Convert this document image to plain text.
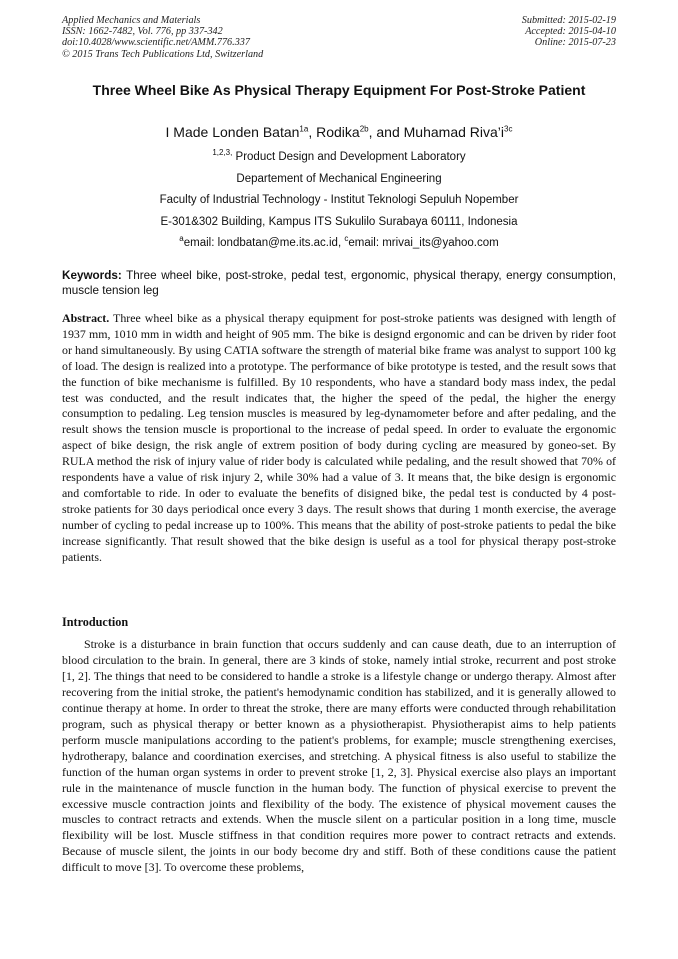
Applied Mechanics and Materials
ISSN: 1662-7482, Vol. 776, pp 337-342
doi:10.4028/www.scientific.net/AMM.776.337
© 2015 Trans Tech Publications Ltd, Switzerland
Submitted: 2015-02-19
Accepted: 2015-04-10
Online: 2015-07-23
Three Wheel Bike As Physical Therapy Equipment For Post-Stroke Patient
I Made Londen Batan$^{1a}$, Rodika$^{2b}$, and Muhamad $Riva’i^{3c}$
$^{1,2,3,}$ Product Design and Development Laboratory
Departement of Mechanical Engineering
Faculty of Industrial Technology - Institut Teknologi Sepuluh Nopember
E-301&302 Building, Kampus ITS Sukulilo Surabaya 60111, Indonesia
$^a$email: londbatan@me.its.ac.id, $^c$email: mrivai_its@yahoo.com

Keywords: Three wheel bike, post-stroke, pedal test, ergonomic, physical therapy, energy consumption, muscle tension leg

Abstract. Three wheel bike as a physical therapy equipment for post-stroke patients was designed with length of 1937 mm, 1010 mm in width and height of 905 mm. The bike is designd ergonomic and can be driven by rider foot or hand simultaneously. By using CATIA software the strength of material bike frame was analyst to support 100 kg of load. The design is realized into a prototype. The performance of bike prototype is tested, and the result sows that the function of bike mechanisme is fulfilled. By 10 respondents, who have a standard body mass index, the pedal test was conducted, and the result indicates that, the higher the speed of the pedal, the higher the energy consumption to pedaling. Leg tension muscles is measured by leg-dynamometer before and after pedaling, and the result shows the tension muscle is proportional to the increase of pedal speed. In order to evaluate the ergonomic aspect of bike design, the risk angle of extrem position of body during cycling are measured by goneo-set. By RULA method the risk of injury value of rider body is calculated while pedaling, and the result showed that 70% of respondents have a value of risk injury 2, while 30% had a value of 3. It means that, the bike design is ergonomic and comfortable to ride. In oder to evaluate the benefits of disigned bike, the pedal test is conducted by 4 post-stroke patients for 30 days periodical once every 3 days. The result shows that during 1 month exercise, the average number of cycling to pedal increase up to 100%. This means that the ability of post-stroke patients to pedal the bike increase significantly. That result showed that the bike design is useful as a tool for physical therapy post-stroke patients.

Introduction

Stroke is a disturbance in brain function that occurs suddenly and can cause death, due to an interruption of blood circulation to the brain. In general, there are 3 kinds of stoke, namely intial stroke, recurrent and post stroke [1, 2]. The things that need to be considered to handle a stroke is a lifestyle change or undergo therapy. Almost after recovering from the initial stroke, the patient's hemodynamic condition has stabilized, and it is generally allowed to continue therapy at home. In order to threat the stroke, there are many efforts were conducted through rehabilitation program, such as physical therapy or better known as a physiotherapist. Physiotherapist aims to help patients perform muscle manipulations according to the patient's problems, for example; muscle strengthening exercises, hydrotherapy, balance and coordination exercises, and stretching. A physical fitness is also useful to stabilize the function of the human organ systems in order to prevent stroke [1, 2, 3]. Physical exercise also plays an important rule in the maintenance of muscle function in the human body. The function of physical exercise to prevent the excessive muscle contraction joints and flexibility of the body. The existence of physical movement causes the muscles to contract retracts and extends. When the muscle silent on a particular position in a long time, muscle flexibility will be lost. Muscle stiffness in that condition requires more power to contract retracts and extends. Because of muscle silent, the joints in our body become dry and stiff. Both of these conditions cause the patient difficult to move [3]. To overcome these problems,
